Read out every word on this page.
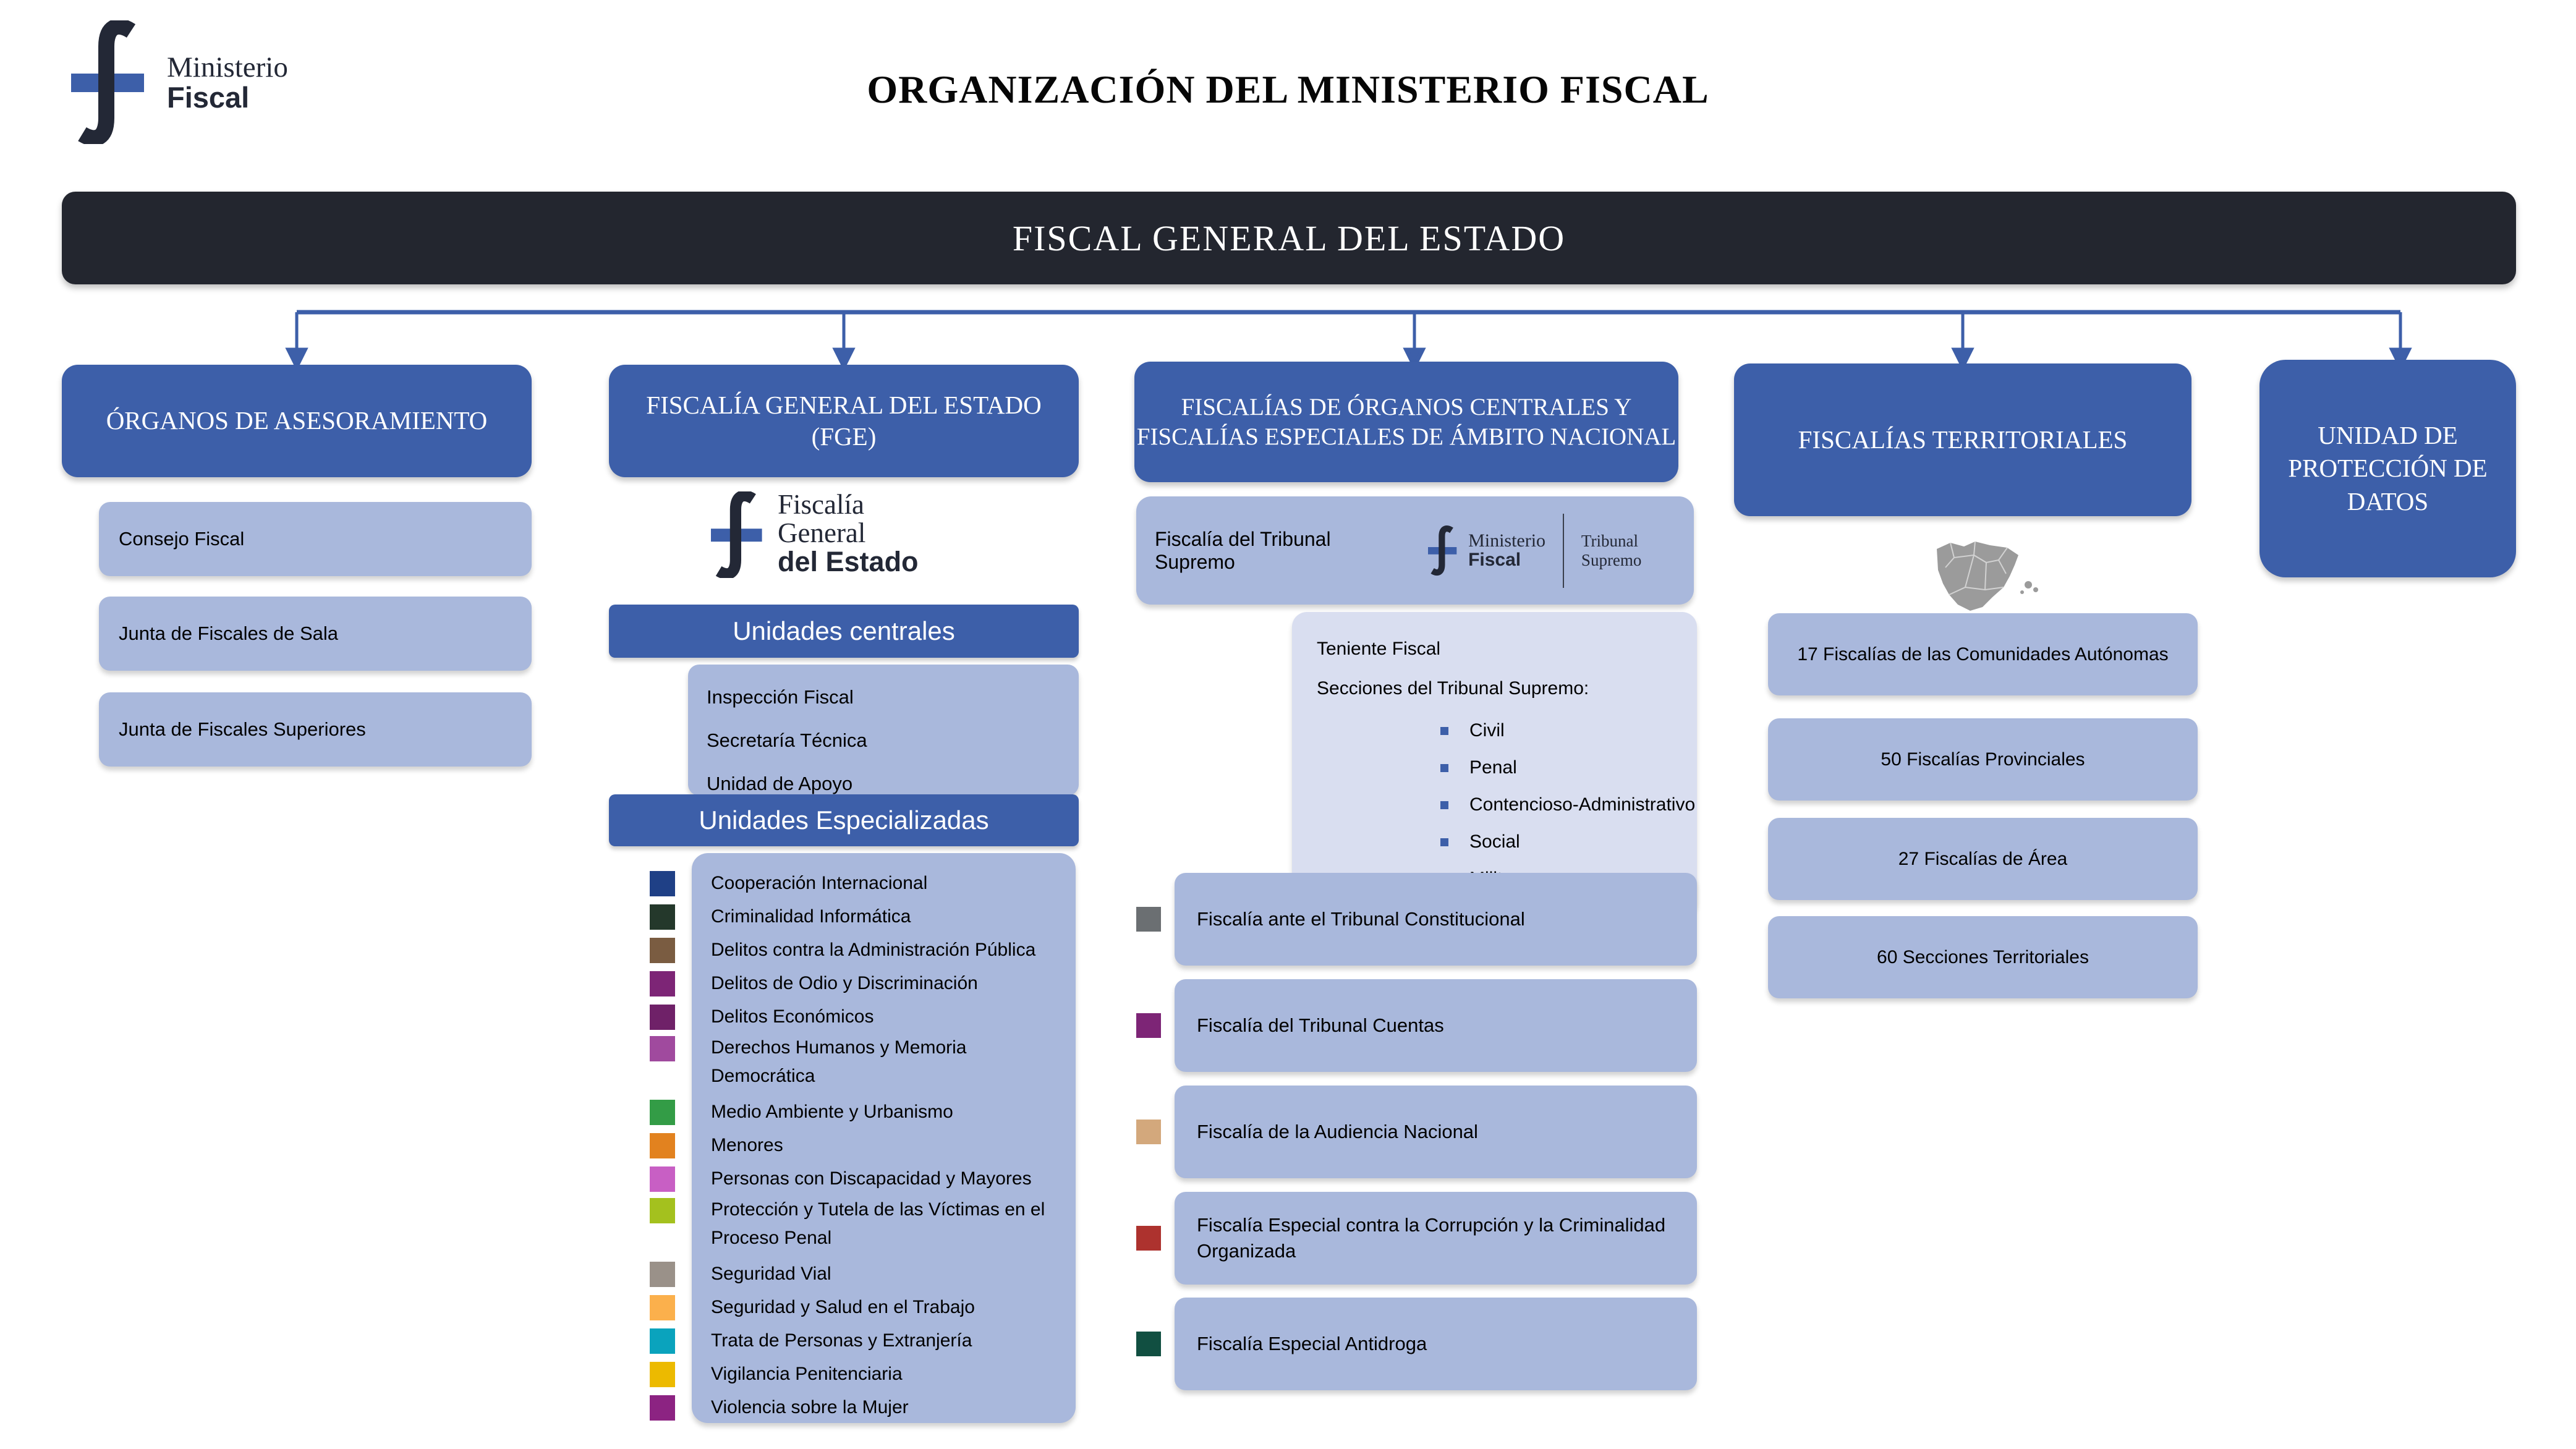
Ministerio
Fiscal	ORGANIZACIÓN DEL MINISTERIO FISCAL
FISCAL GENERAL DEL ESTADO
ÓRGANOS DE ASESORAMIENTO
Consejo Fiscal
Junta de Fiscales de Sala
Junta de Fiscales Superiores
FISCALÍA GENERAL DEL ESTADO (FGE)
Fiscalía
General
del Estado
Unidades centrales
Inspección Fiscal
Secretaría Técnica
Unidad de Apoyo
Unidades Especializadas
Cooperación Internacional
Criminalidad Informática
Delitos contra la Administración Pública
Delitos de Odio y Discriminación
Delitos Económicos
Derechos Humanos y Memoria Democrática
Medio Ambiente y Urbanismo
Menores
Personas con Discapacidad y Mayores
Protección y Tutela de las Víctimas en el Proceso Penal
Seguridad Vial
Seguridad y Salud en el Trabajo
Trata de Personas y Extranjería
Vigilancia Penitenciaria
Violencia sobre la Mujer
FISCALÍAS DE ÓRGANOS CENTRALES Y FISCALÍAS ESPECIALES DE ÁMBITO NACIONAL
Fiscalía del Tribunal Supremo
Ministerio
Fiscal
Tribunal Supremo
Teniente Fiscal
Secciones del Tribunal Supremo:
Civil
Penal
Contencioso-Administrativo
Social
Fiscalía ante el Tribunal Constitucional
Fiscalía del Tribunal Cuentas
Fiscalía de la Audiencia Nacional
Fiscalía Especial contra la Corrupción y la Criminalidad Organizada
Fiscalía Especial Antidroga
FISCALÍAS TERRITORIALES
17 Fiscalías de las Comunidades Autónomas
50 Fiscalías Provinciales
27 Fiscalías de Área
60 Secciones Territoriales
UNIDAD DE PROTECCIÓN DE DATOS
